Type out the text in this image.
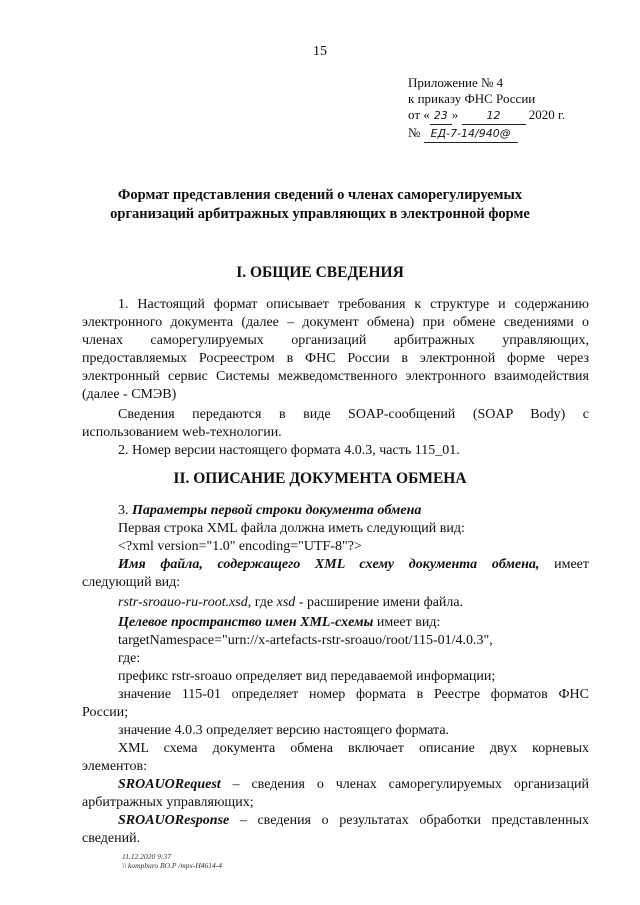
15
Приложение № 4
к приказу ФНС России
от « 23 »	12 2020 г.
№ ЕД-7-14/940@
Формат представления сведений о членах саморегулируемых
организаций арбитражных управляющих в электронной форме
I. ОБЩИЕ СВЕДЕНИЯ
1. Настоящий формат описывает требования к структуре и содержанию
электронного документа (далее – документ обмена) при обмене сведениями о
членах саморегулируемых организаций арбитражных управляющих,
предоставляемых Росреестром в ФНС России в электронной форме через
электронный сервис Системы межведомственного электронного взаимодействия
(далее - СМЭВ)
Сведения передаются в виде SOAP-сообщений (SOAP Body) с
использованием web-технологии.
2. Номер версии настоящего формата 4.0.3, часть 115_01.
II. ОПИСАНИЕ ДОКУМЕНТА ОБМЕНА
3. Параметры первой строки документа обмена
Первая строка XML файла должна иметь следующий вид:
<?xml version="1.0" encoding="UTF-8"?>
Имя файла, содержащего XML схему документа обмена, имеет
следующий вид:
rstr-sroauo-ru-root.xsd, где xsd - расширение имени файла.
Целевое пространство имен XML-схемы имеет вид:
targetNamespace="urn://x-artefacts-rstr-sroauo/root/115-01/4.0.3",
где:
префикс rstr-sroauo определяет вид передаваемой информации;
значение 115-01 определяет номер формата в Реестре форматов ФНС
России;
значение 4.0.3 определяет версию настоящего формата.
XML схема документа обмена включает описание двух корневых
элементов:
SROAUORequest – сведения о членах саморегулируемых организаций
арбитражных управляющих;
SROAUOResponse – сведения о результатах обработки представленных
сведений.
11.12.2020 9:37
\\ kompburo BO.P /mpx-H4614-4
